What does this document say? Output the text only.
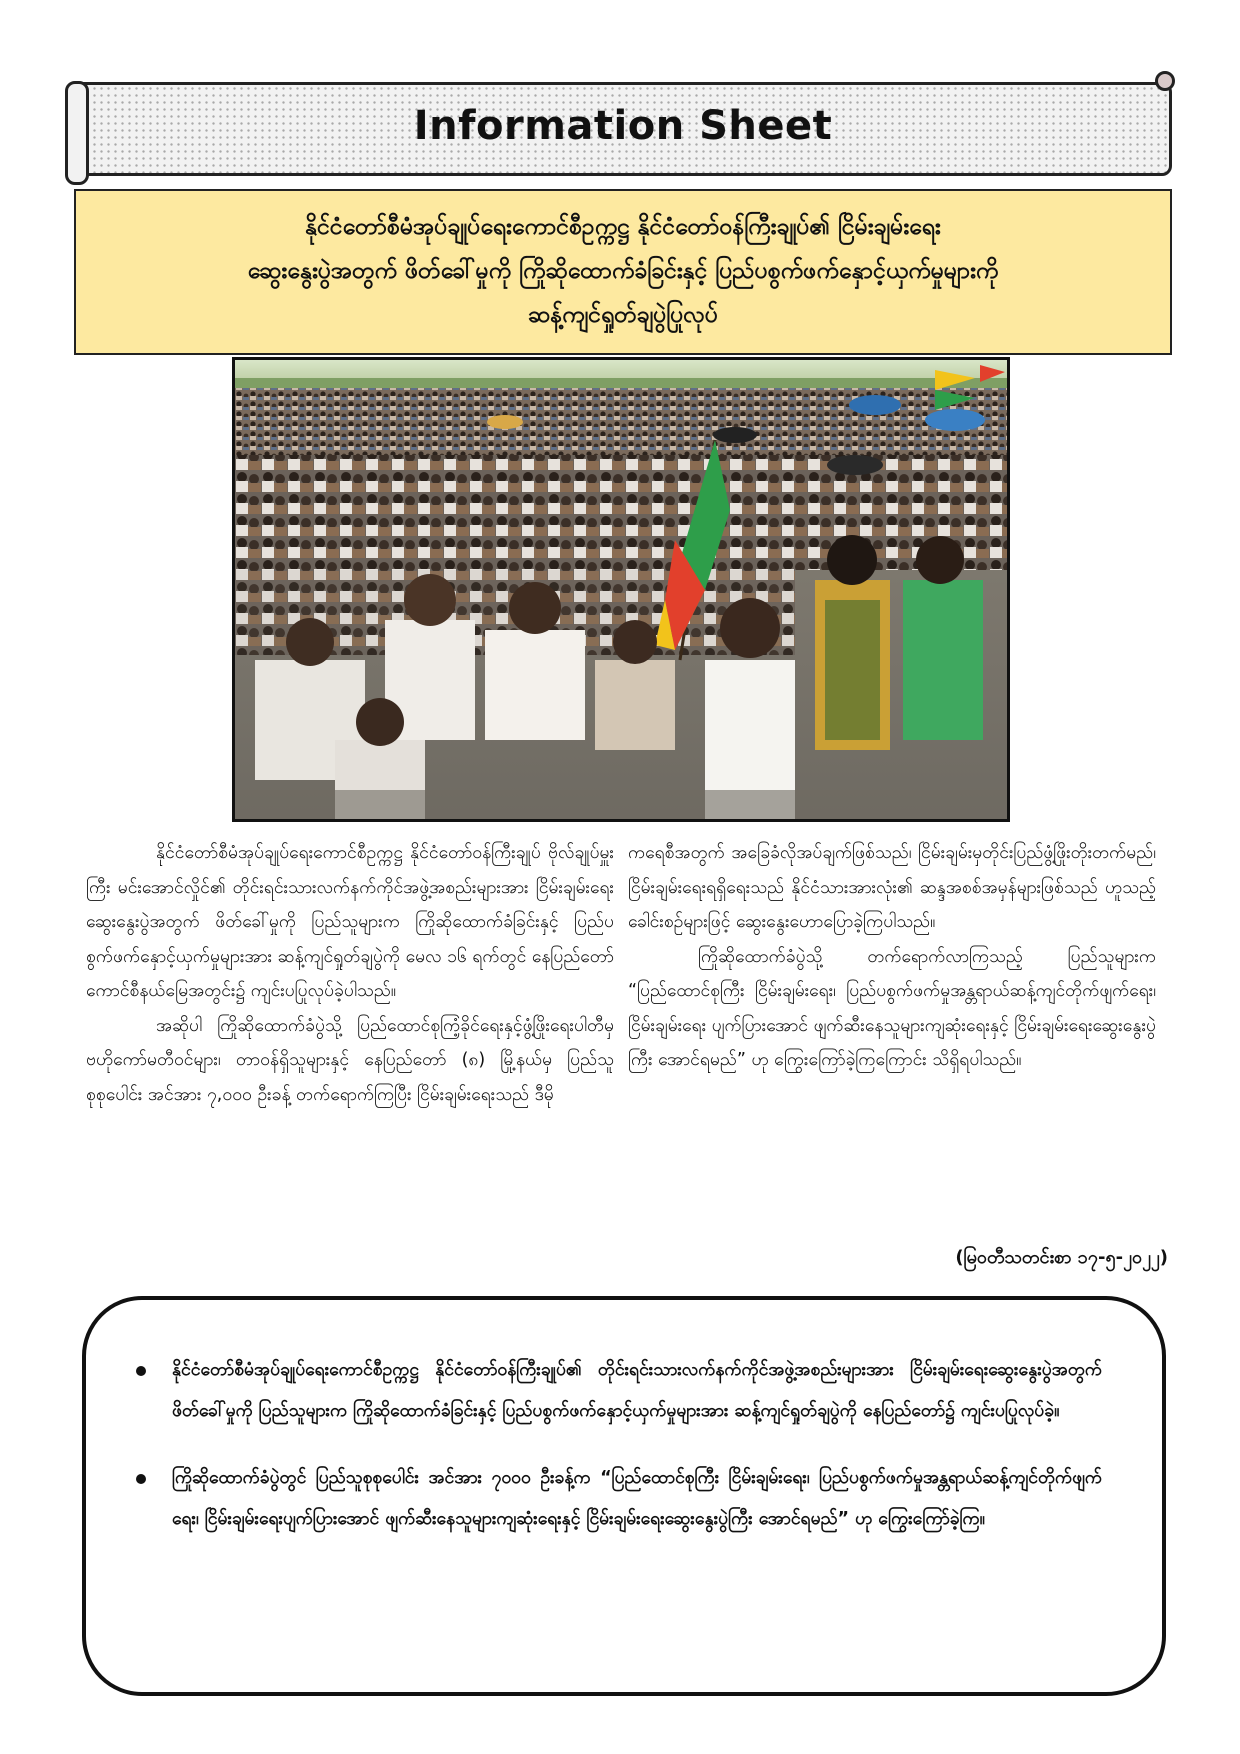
Information Sheet

နိုင်ငံတော်စီမံအုပ်ချုပ်ရေးကောင်စီဥက္ကဋ္ဌ နိုင်ငံတော်ဝန်ကြီးချုပ်၏ ငြိမ်းချမ်းရေး

ဆွေးနွေးပွဲအတွက် ဖိတ်ခေါ်မှုကို ကြိုဆိုထောက်ခံခြင်းနှင့် ပြည်ပစွက်ဖက်နှောင့်ယှက်မှုများကို

ဆန့်ကျင်ရှုတ်ချပွဲပြုလုပ်

နိုင်ငံတော်စီမံအုပ်ချုပ်ရေးကောင်စီဥက္ကဋ္ဌ နိုင်ငံတော်ဝန်ကြီးချုပ် ဗိုလ်ချုပ်မှူးကြီး မင်းအောင်လှိုင်၏ တိုင်းရင်းသားလက်နက်ကိုင်အဖွဲ့အစည်းများအား ငြိမ်းချမ်းရေးဆွေးနွေးပွဲအတွက် ဖိတ်ခေါ်မှုကို ပြည်သူများက ကြိုဆိုထောက်ခံခြင်းနှင့် ပြည်ပစွက်ဖက်နှောင့်ယှက်မှုများအား ဆန့်ကျင်ရှုတ်ချပွဲကို မေလ ၁၆ ရက်တွင် နေပြည်တော်ကောင်စီနယ်မြေအတွင်း၌ ကျင်းပပြုလုပ်ခဲ့ပါသည်။

အဆိုပါ ကြိုဆိုထောက်ခံပွဲသို့ ပြည်ထောင်စုကြံ့ခိုင်ရေးနှင့်ဖွံ့ဖြိုးရေးပါတီမှ ဗဟိုကော်မတီဝင်များ၊ တာဝန်ရှိသူများနှင့် နေပြည်တော် (၈) မြို့နယ်မှ ပြည်သူစုစုပေါင်း အင်အား ၇,၀၀၀ ဦးခန့် တက်ရောက်ကြပြီး ငြိမ်းချမ်းရေးသည် ဒီမို

ကရေစီအတွက် အခြေခံလိုအပ်ချက်ဖြစ်သည်၊ ငြိမ်းချမ်းမှတိုင်းပြည်ဖွံ့ဖြိုးတိုးတက်မည်၊ ငြိမ်းချမ်းရေးရရှိရေးသည် နိုင်ငံသားအားလုံး၏ ဆန္ဒအစစ်အမှန်များဖြစ်သည် ဟူသည့် ခေါင်းစဉ်များဖြင့် ဆွေးနွေးဟောပြောခဲ့ကြပါသည်။

ကြိုဆိုထောက်ခံပွဲသို့ တက်ရောက်လာကြသည့် ပြည်သူများက “ပြည်ထောင်စုကြီး ငြိမ်းချမ်းရေး၊ ပြည်ပစွက်ဖက်မှုအန္တရာယ်ဆန့်ကျင်တိုက်ဖျက်ရေး၊ ငြိမ်းချမ်းရေး ပျက်ပြားအောင် ဖျက်ဆီးနေသူများကျဆုံးရေးနှင့် ငြိမ်းချမ်းရေးဆွေးနွေးပွဲကြီး အောင်ရမည်” ဟု ကြွေးကြော်ခဲ့ကြကြောင်း သိရှိရပါသည်။

(မြဝတီသတင်းစာ ၁၇-၅-၂၀၂၂)
နိုင်ငံတော်စီမံအုပ်ချုပ်ရေးကောင်စီဥက္ကဋ္ဌ နိုင်ငံတော်ဝန်ကြီးချုပ်၏ တိုင်းရင်းသားလက်နက်ကိုင်အဖွဲ့အစည်းများအား ငြိမ်းချမ်းရေးဆွေးနွေးပွဲအတွက် ဖိတ်ခေါ်မှုကို ပြည်သူများက ကြိုဆိုထောက်ခံခြင်းနှင့် ပြည်ပစွက်ဖက်နှောင့်ယှက်မှုများအား ဆန့်ကျင်ရှုတ်ချပွဲကို နေပြည်တော်၌ ကျင်းပပြုလုပ်ခဲ့။
ကြိုဆိုထောက်ခံပွဲတွင် ပြည်သူစုစုပေါင်း အင်အား ၇၀၀၀ ဦးခန့်က “ပြည်ထောင်စုကြီး ငြိမ်းချမ်းရေး၊ ပြည်ပစွက်ဖက်မှုအန္တရာယ်ဆန့်ကျင်တိုက်ဖျက်ရေး၊ ငြိမ်းချမ်းရေးပျက်ပြားအောင် ဖျက်ဆီးနေသူများကျဆုံးရေးနှင့် ငြိမ်းချမ်းရေးဆွေးနွေးပွဲကြီး အောင်ရမည်” ဟု ကြွေးကြော်ခဲ့ကြ။
